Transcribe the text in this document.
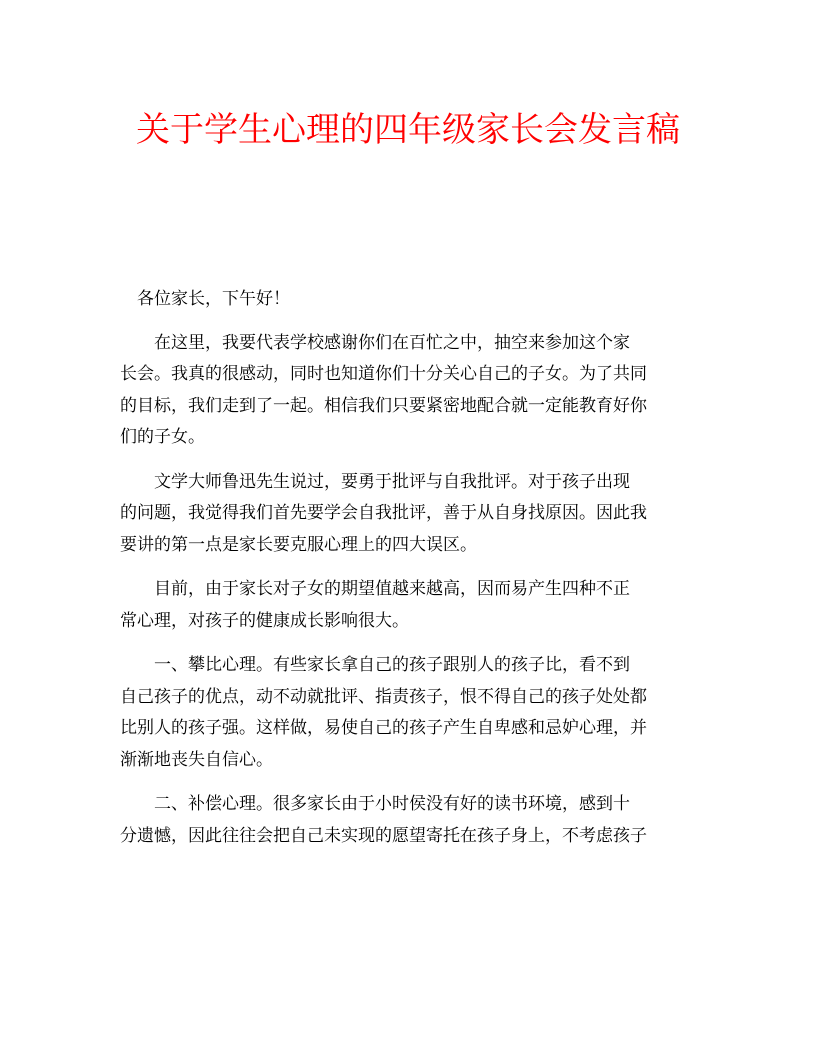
关于学生心理的四年级家长会发言稿

各位家长，下午好！

在这里，我要代表学校感谢你们在百忙之中，抽空来参加这个家
长会。我真的很感动，同时也知道你们十分关心自己的子女。为了共同
的目标，我们走到了一起。相信我们只要紧密地配合就一定能教育好你
们的子女。

文学大师鲁迅先生说过，要勇于批评与自我批评。对于孩子出现
的问题，我觉得我们首先要学会自我批评，善于从自身找原因。因此我
要讲的第一点是家长要克服心理上的四大误区。

目前，由于家长对子女的期望值越来越高，因而易产生四种不正
常心理，对孩子的健康成长影响很大。

一、攀比心理。有些家长拿自己的孩子跟别人的孩子比，看不到
自己孩子的优点，动不动就批评、指责孩子，恨不得自己的孩子处处都
比别人的孩子强。这样做，易使自己的孩子产生自卑感和忌妒心理，并
渐渐地丧失自信心。

二、补偿心理。很多家长由于小时侯没有好的读书环境，感到十
分遗憾，因此往往会把自己未实现的愿望寄托在孩子身上，不考虑孩子
